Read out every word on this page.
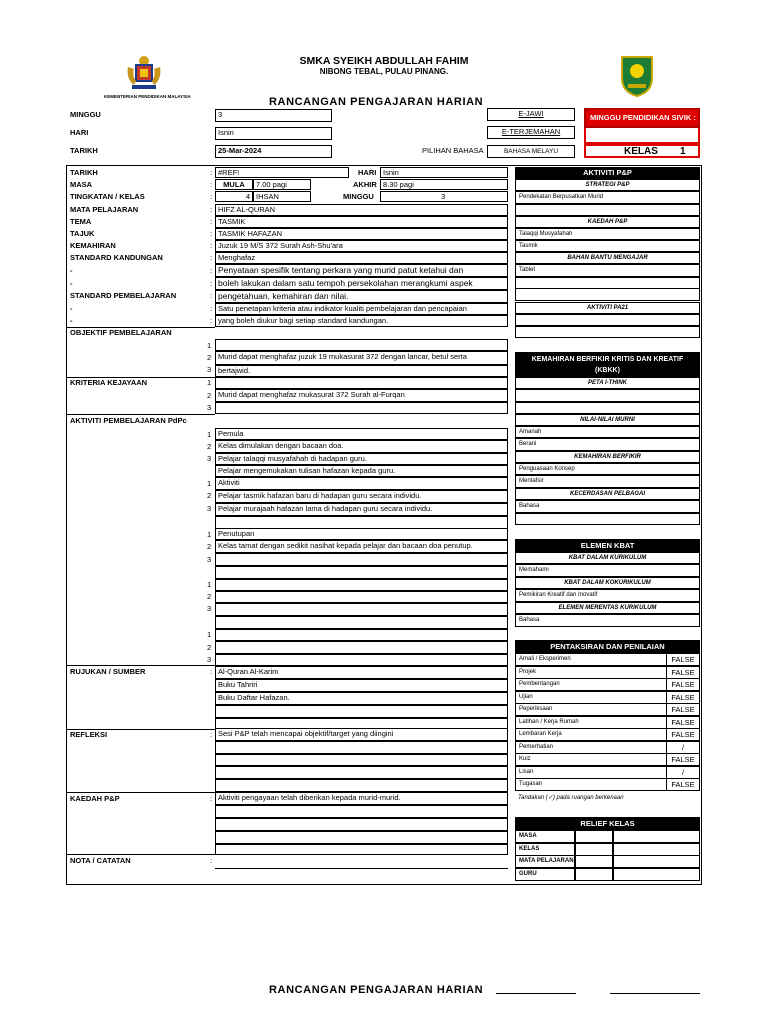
KEMENTERIAN PENDIDIKAN MALAYSIA
SMKA SYEIKH ABDULLAH FAHIM
NIBONG TEBAL, PULAU PINANG.
RANCANGAN PENGAJARAN HARIAN
MINGGU	3
HARI	Isnin
TARIKH	25-Mar-2024
E-JAWI
E-TERJEMAHAN
PILIHAN BAHASA	BAHASA MELAYU
MINGGU PENDIDIKAN SIVIK :
KELAS 1
TARIKH	: #REF!	HARI Isnin
MASA	:	MULA	7.00 pagi	AKHIR 8.30 pagi
TINGKATAN / KELAS	:	4 IHSAN	MINGGU	3
MATA PELAJARAN	: HIFZ AL-QURAN
TEMA	: TASMIK
TAJUK	: TASMIK HAFAZAN
KEMAHIRAN	: Juzuk 19 M/S 372 Surah Ash-Shu'ara
STANDARD KANDUNGAN	: Menghafaz
-	: Penyataan spesifik tentang perkara yang murid patut ketahui dan
-	: boleh lakukan dalam satu tempoh persekolahan merangkumi aspek
STANDARD PEMBELAJARAN	: pengetahuan, kemahiran dan nilai.
-	: Satu penetapan kriteria atau indikator kualiti pembelajaran dan pencapaian
-	: yang boleh diukur bagi setiap standard kandungan.
OBJEKTIF PEMBELAJARAN
1
2 Murid dapat menghafaz juzuk 19 mukasurat 372 dengan lancar, betul serta
3 bertajwid.
KRITERIA KEJAYAAN	1
2 Murid dapat menghafaz mukasurat 372 Surah al-Furqan
3
AKTIVITI PEMBELAJARAN PdPc
1 Pemula
2 Kelas dimulakan dengan bacaan doa.
3 Pelajar talaqqi musyafahah di hadapan guru.
Pelajar mengemukakan tulisan hafazan kepada guru.
1 Aktiviti
2 Pelajar tasmik hafazan baru di hadapan guru secara individu.
3 Pelajar murajaah hafazan lama di hadapan guru secara individu.
1 Penutupan
2 Kelas tamat dengan sedikit nasihat kepada pelajar dan bacaan doa penutup.
3
1
2
3
1
2
3
RUJUKAN / SUMBER	: Al-Quran Al-Karim
Buku Tahriri
Buku Daftar Hafazan.
REFLEKSI	: Sesi P&P telah mencapai objektif/target yang diingini
KAEDAH P&P	: Aktiviti pengayaan telah diberikan kepada murid-murid.
NOTA / CATATAN	:
AKTIVITI P&P
STRATEGI P&P
Pendekatan Berpusatkan Murid
KAEDAH P&P
Talaqqi Musyafahah
Tasmik
BAHAN BANTU MENGAJAR
Tablet
AKTIVITI PA21
KEMAHIRAN BERFIKIR KRITIS DAN KREATIF
(KBKK)
PETA I-THINK
NILAI-NILAI MURNI
Amanah
Berani
KEMAHIRAN BERFIKIR
Penguasaan Konsep
Mentafsir
KECERDASAN PELBAGAI
Bahasa
ELEMEN KBAT
KBAT DALAM KURIKULUM
Memahami
KBAT DALAM KOKURIKULUM
Pemikiran Kreatif dan Inovatif
ELEMEN MERENTAS KURIKULUM
Bahasa
PENTAKSIRAN DAN PENILAIAN
Amali / Eksperimen	FALSE
Projek	FALSE
Pembentangan	FALSE
Ujian	FALSE
Peperiksaan	FALSE
Latihan / Kerja Rumah	FALSE
Lembaran Kerja	FALSE
Pemerhatian	/
Kuiz	FALSE
Lisan	/
Tugasan	FALSE
Tandakan (✓) pada ruangan berkenaan
RELIEF KELAS
MASA
KELAS
MATA PELAJARAN
GURU
RANCANGAN PENGAJARAN HARIAN
